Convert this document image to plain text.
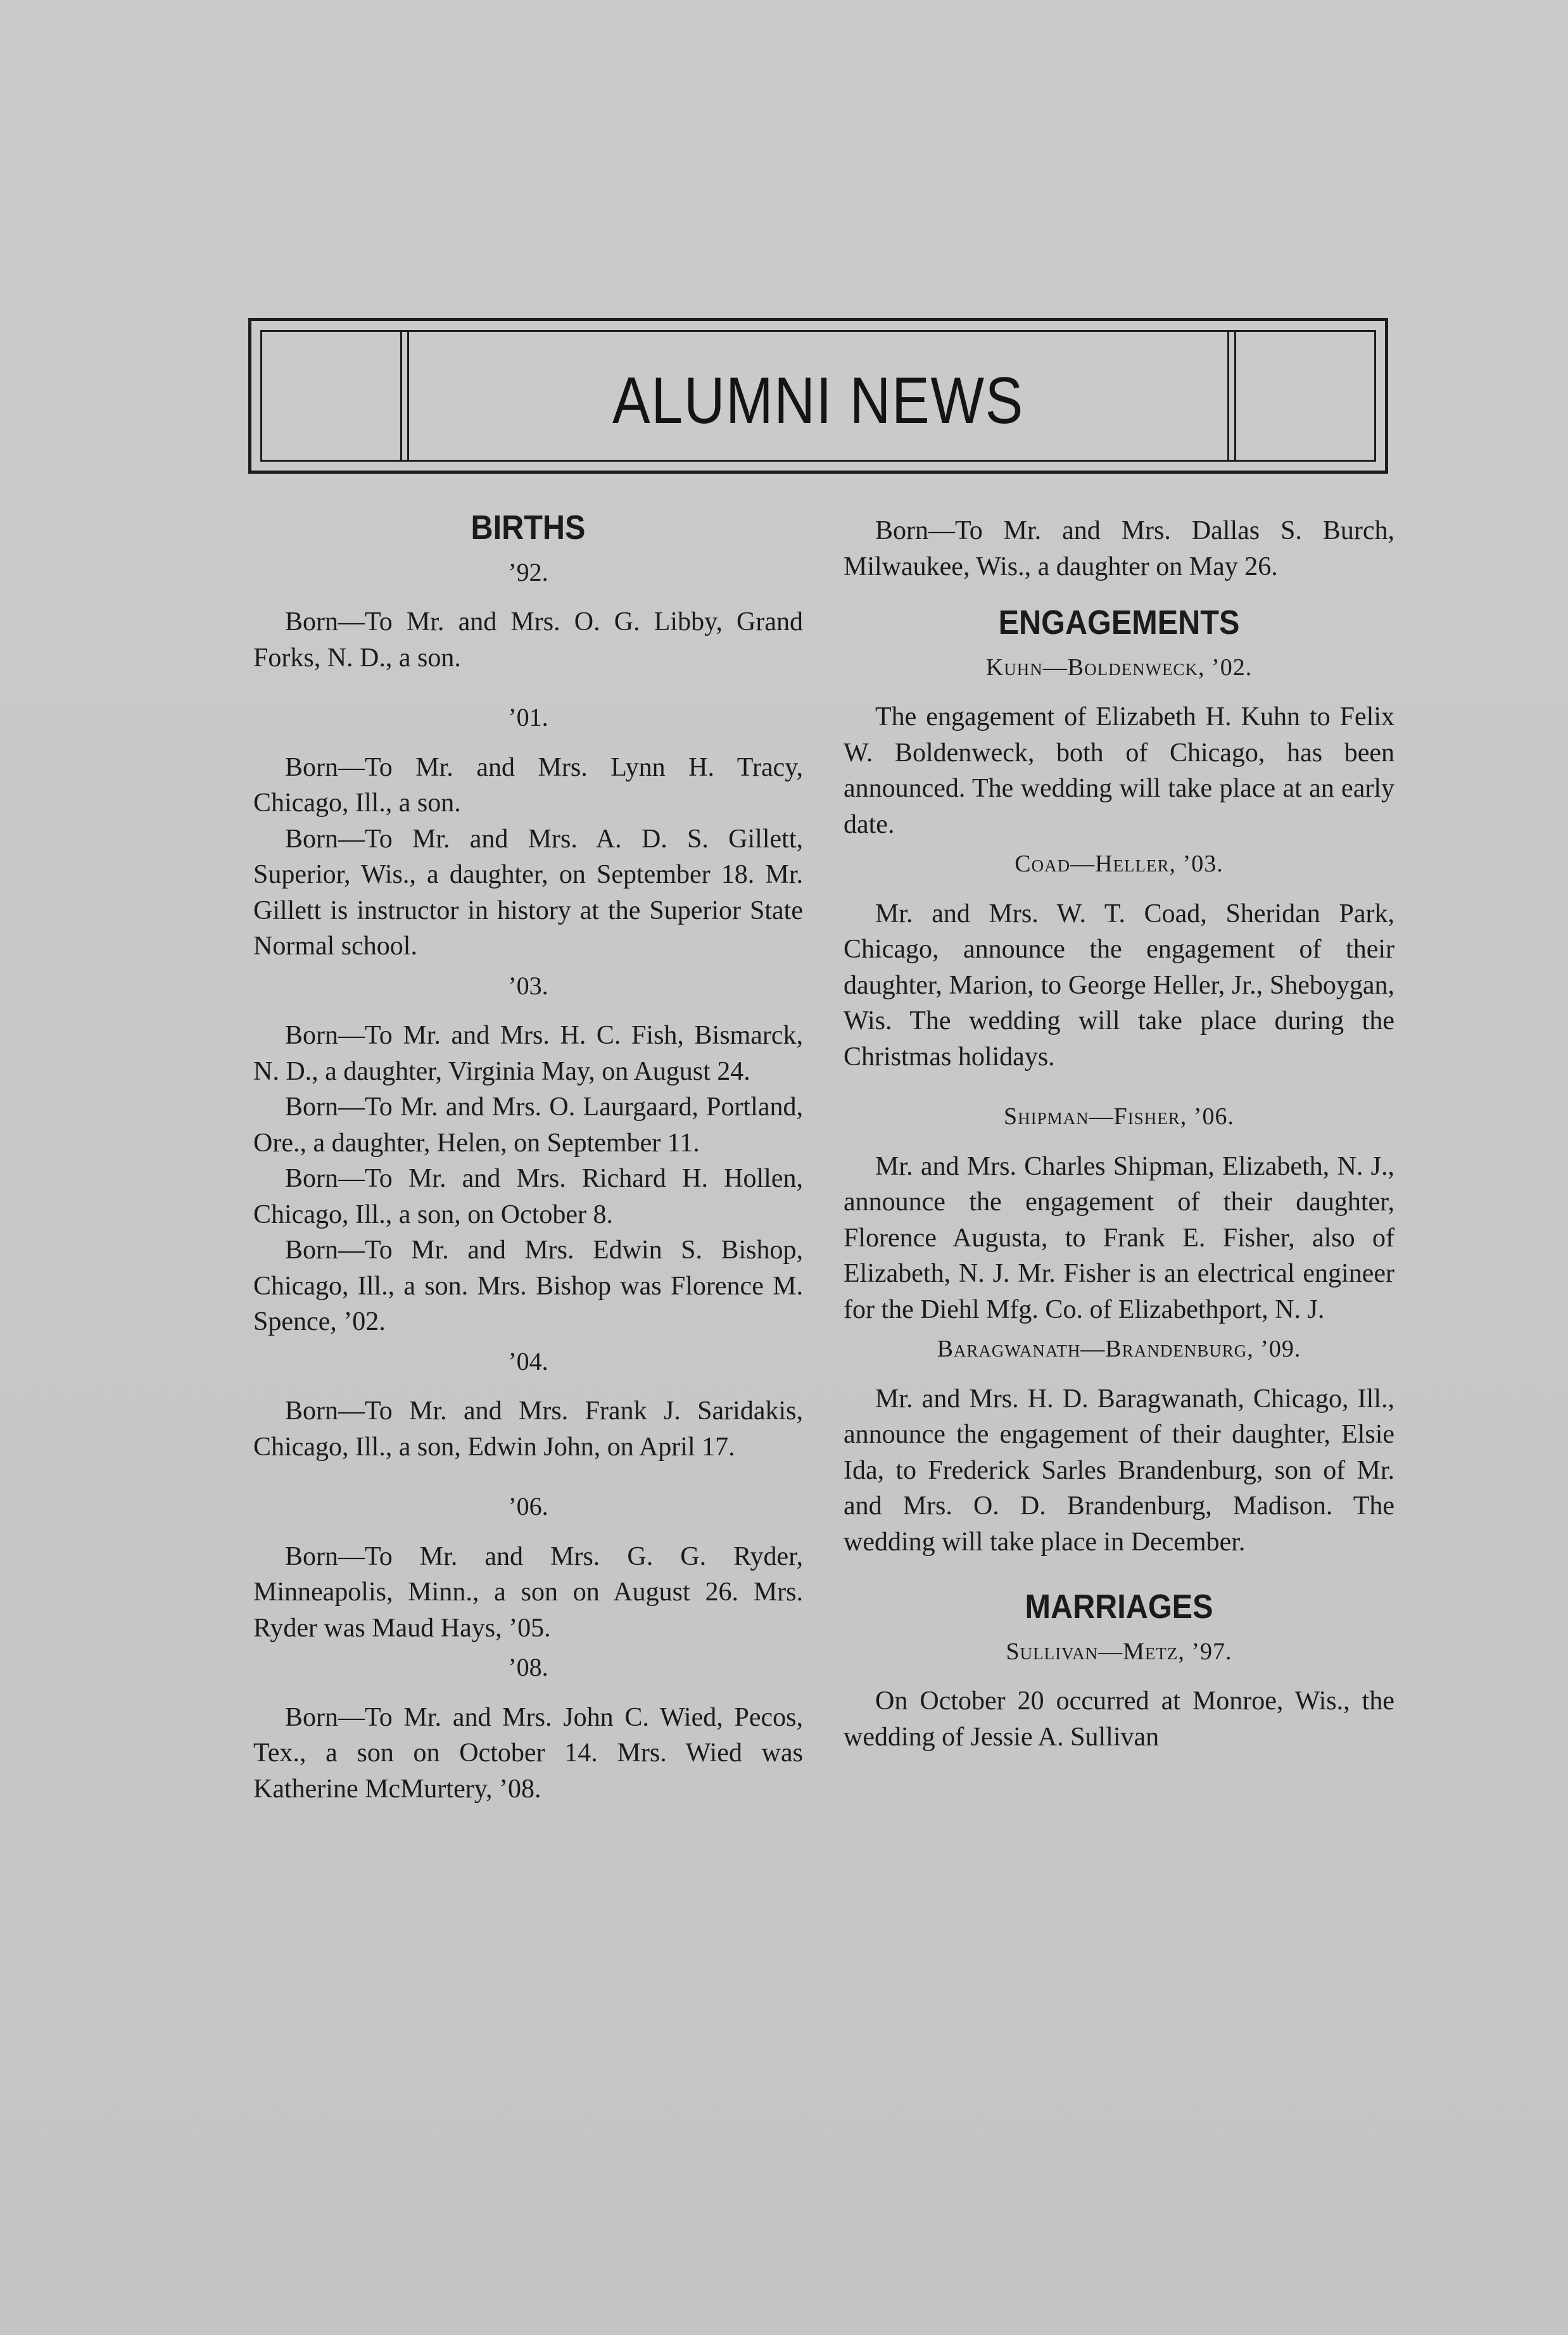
ALUMNI NEWS
BIRTHS
’92.

Born—To Mr. and Mrs. O. G. Libby, Grand Forks, N. D., a son.

’01.

Born—To Mr. and Mrs. Lynn H. Tracy, Chicago, Ill., a son.

Born—To Mr. and Mrs. A. D. S. Gillett, Superior, Wis., a daughter, on September 18. Mr. Gillett is instructor in history at the Superior State Normal school.

’03.

Born—To Mr. and Mrs. H. C. Fish, Bismarck, N. D., a daughter, Virginia May, on August 24.

Born—To Mr. and Mrs. O. Laurgaard, Portland, Ore., a daughter, Helen, on September 11.

Born—To Mr. and Mrs. Richard H. Hollen, Chicago, Ill., a son, on October 8.

Born—To Mr. and Mrs. Edwin S. Bishop, Chicago, Ill., a son. Mrs. Bishop was Florence M. Spence, ’02.

’04.

Born—To Mr. and Mrs. Frank J. Saridakis, Chicago, Ill., a son, Edwin John, on April 17.

’06.

Born—To Mr. and Mrs. G. G. Ryder, Minneapolis, Minn., a son on August 26. Mrs. Ryder was Maud Hays, ’05.

’08.

Born—To Mr. and Mrs. John C. Wied, Pecos, Tex., a son on October 14. Mrs. Wied was Katherine McMurtery, ’08.

Born—To Mr. and Mrs. Dallas S. Burch, Milwaukee, Wis., a daughter on May 26.

ENGAGEMENTS
Kuhn—Boldenweck, ’02.

The engagement of Elizabeth H. Kuhn to Felix W. Boldenweck, both of Chicago, has been announced. The wedding will take place at an early date.

Coad—Heller, ’03.

Mr. and Mrs. W. T. Coad, Sheridan Park, Chicago, announce the engagement of their daughter, Marion, to George Heller, Jr., Sheboygan, Wis. The wedding will take place during the Christmas holidays.

Shipman—Fisher, ’06.

Mr. and Mrs. Charles Shipman, Elizabeth, N. J., announce the engagement of their daughter, Florence Augusta, to Frank E. Fisher, also of Elizabeth, N. J. Mr. Fisher is an electrical engineer for the Diehl Mfg. Co. of Elizabethport, N. J.

Baragwanath—Brandenburg, ’09.

Mr. and Mrs. H. D. Baragwanath, Chicago, Ill., announce the engagement of their daughter, Elsie Ida, to Frederick Sarles Brandenburg, son of Mr. and Mrs. O. D. Brandenburg, Madison. The wedding will take place in December.

MARRIAGES
Sullivan—Metz, ’97.

On October 20 occurred at Monroe, Wis., the wedding of Jessie A. Sullivan
